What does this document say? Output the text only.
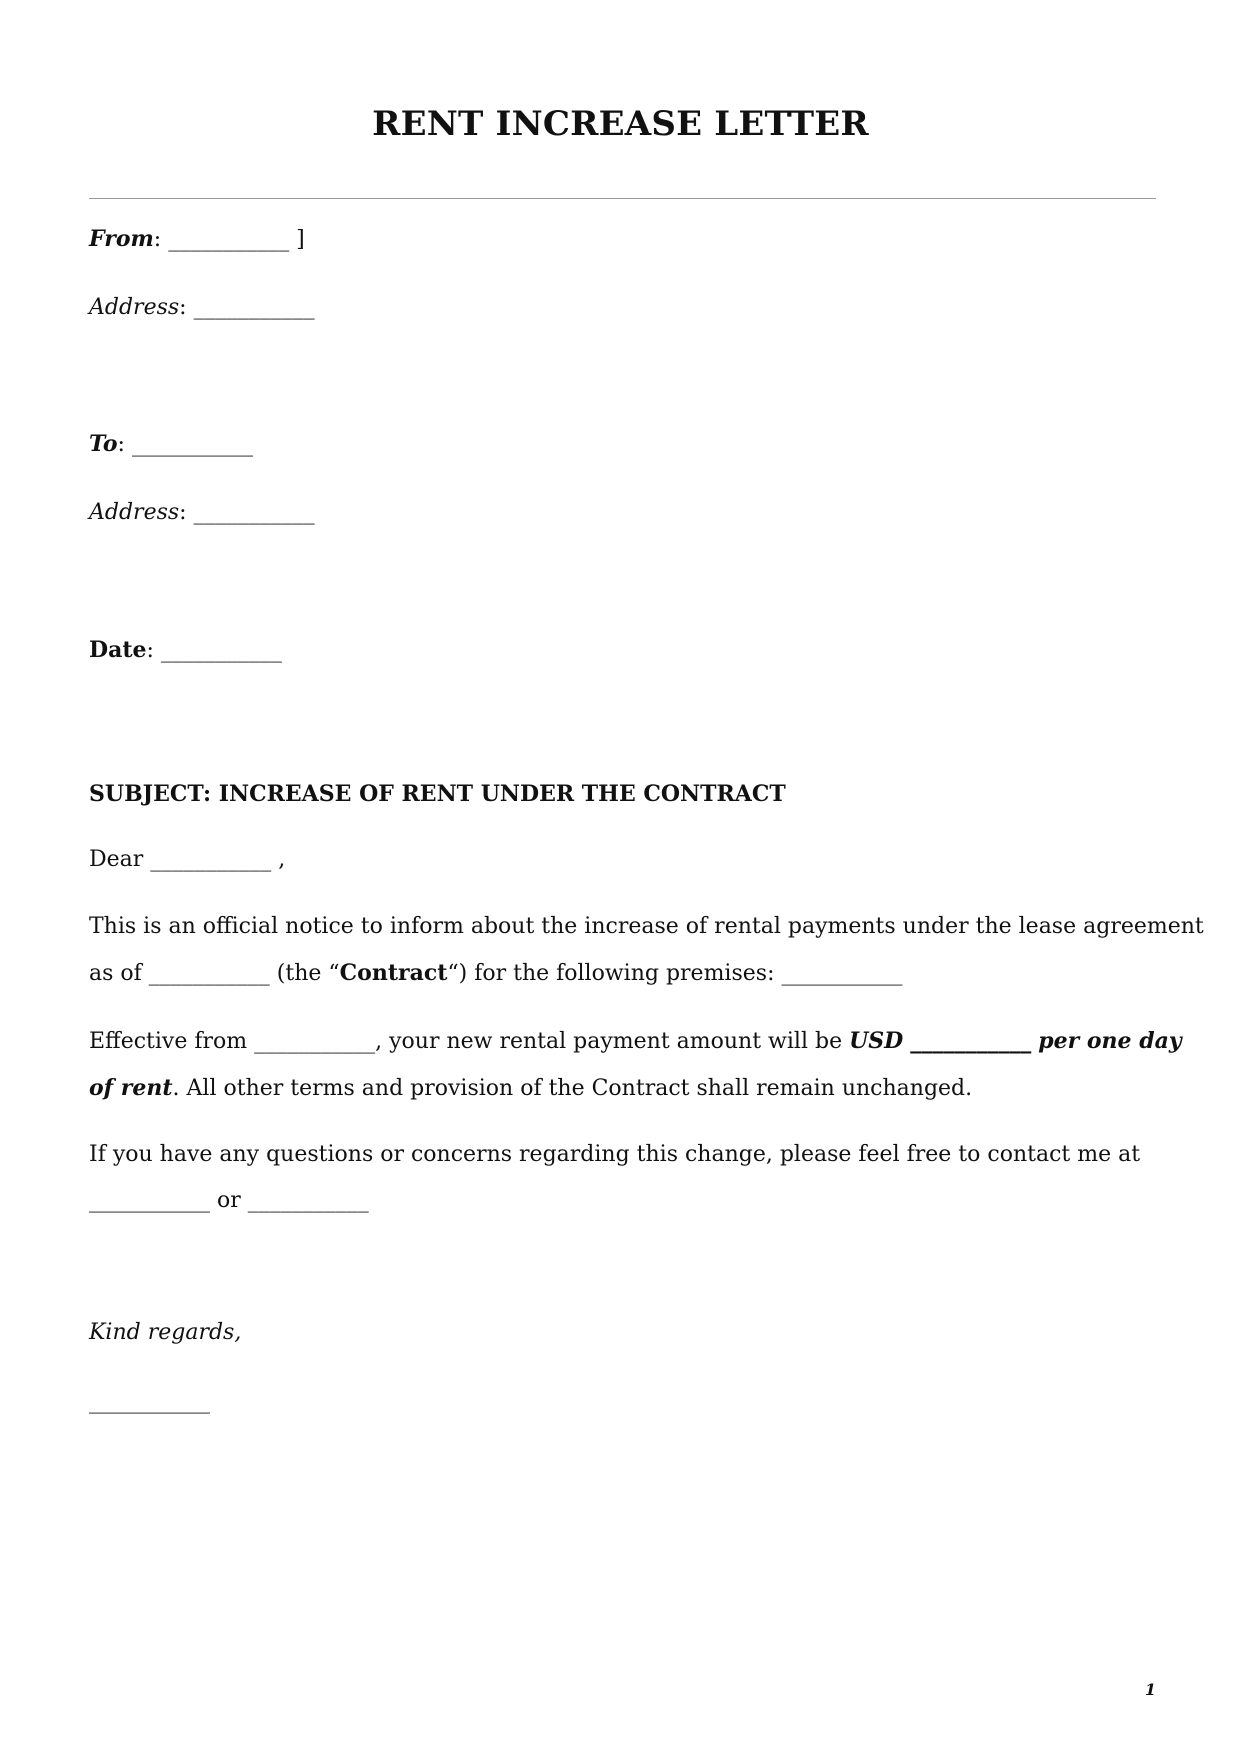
RENT INCREASE LETTER
From: ___________ ]
Address: ___________
To: ___________
Address: ___________
Date: ___________
SUBJECT: INCREASE OF RENT UNDER THE CONTRACT
Dear ___________ ,
This is an official notice to inform about the increase of rental payments under the lease agreement
as of ___________ (the “Contract“) for the following premises: ___________
Effective from ___________, your new rental payment amount will be USD ___________ per one day
of rent. All other terms and provision of the Contract shall remain unchanged.
If you have any questions or concerns regarding this change, please feel free to contact me at
___________ or ___________
Kind regards,
___________
1
